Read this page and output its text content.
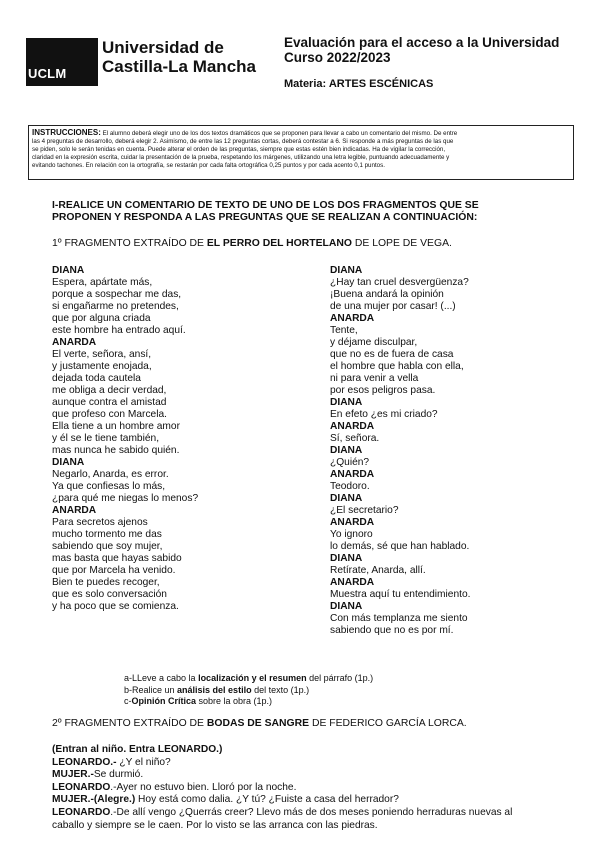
UCLM
Universidad de
Castilla-La Mancha
Evaluación para el acceso a la Universidad
Curso 2022/2023
Materia: ARTES ESCÉNICAS
INSTRUCCIONES: El alumno deberá elegir uno de los dos textos dramáticos que se proponen para llevar a cabo un comentario del mismo. De entre
las 4 preguntas de desarrollo, deberá elegir 2. Asimismo, de entre las 12 preguntas cortas, deberá contestar a 6. Si responde a más preguntas de las que
se piden, solo le serán tenidas en cuenta. Puede alterar el orden de las preguntas, siempre que estas estén bien indicadas. Ha de vigilar la corrección,
claridad en la expresión escrita, cuidar la presentación de la prueba, respetando los márgenes, utilizando una letra legible, puntuando adecuadamente y
evitando tachones. En relación con la ortografía, se restarán por cada falta ortográfica 0,25 puntos y por cada acento 0,1 puntos.
I-REALICE UN COMENTARIO DE TEXTO DE UNO DE LOS DOS FRAGMENTOS QUE SE
PROPONEN Y RESPONDA A LAS PREGUNTAS QUE SE REALIZAN A CONTINUACIÓN:
1º FRAGMENTO EXTRAÍDO DE EL PERRO DEL HORTELANO DE LOPE DE VEGA.
DIANA
Espera, apártate más,
porque a sospechar me das,
si engañarme no pretendes,
que por alguna criada
este hombre ha entrado aquí.
ANARDA
El verte, señora, ansí,
y justamente enojada,
dejada toda cautela
me obliga a decir verdad,
aunque contra el amistad
que profeso con Marcela.
Ella tiene a un hombre amor
y él se le tiene también,
mas nunca he sabido quién.
DIANA
Negarlo, Anarda, es error.
Ya que confiesas lo más,
¿para qué me niegas lo menos?
ANARDA
Para secretos ajenos
mucho tormento me das
sabiendo que soy mujer,
mas basta que hayas sabido
que por Marcela ha venido.
Bien te puedes recoger,
que es solo conversación
y ha poco que se comienza.
DIANA
¿Hay tan cruel desvergüenza?
¡Buena andará la opinión
de una mujer por casar! (...)
ANARDA
Tente,
y déjame disculpar,
que no es de fuera de casa
el hombre que habla con ella,
ni para venir a vella
por esos peligros pasa.
DIANA
En efeto ¿es mi criado?
ANARDA
Sí, señora.
DIANA
¿Quién?
ANARDA
Teodoro.
DIANA
¿El secretario?
ANARDA
Yo ignoro
lo demás, sé que han hablado.
DIANA
Retírate, Anarda, allí.
ANARDA
Muestra aquí tu entendimiento.
DIANA
Con más templanza me siento
sabiendo que no es por mí.
a-LLeve a cabo la localización y el resumen del párrafo (1p.)
b-Realice un análisis del estilo del texto (1p.)
c-Opinión Crítica sobre la obra (1p.)
2º FRAGMENTO EXTRAÍDO DE BODAS DE SANGRE DE FEDERICO GARCÍA LORCA.
(Entran al niño. Entra LEONARDO.)
LEONARDO.- ¿Y el niño?
MUJER.-Se durmió.
LEONARDO.-Ayer no estuvo bien. Lloró por la noche.
MUJER.-(Alegre.) Hoy está como dalia. ¿Y tú? ¿Fuiste a casa del herrador?
LEONARDO.-De allí vengo ¿Querrás creer? Llevo más de dos meses poniendo herraduras nuevas al
caballo y siempre se le caen. Por lo visto se las arranca con las piedras.
